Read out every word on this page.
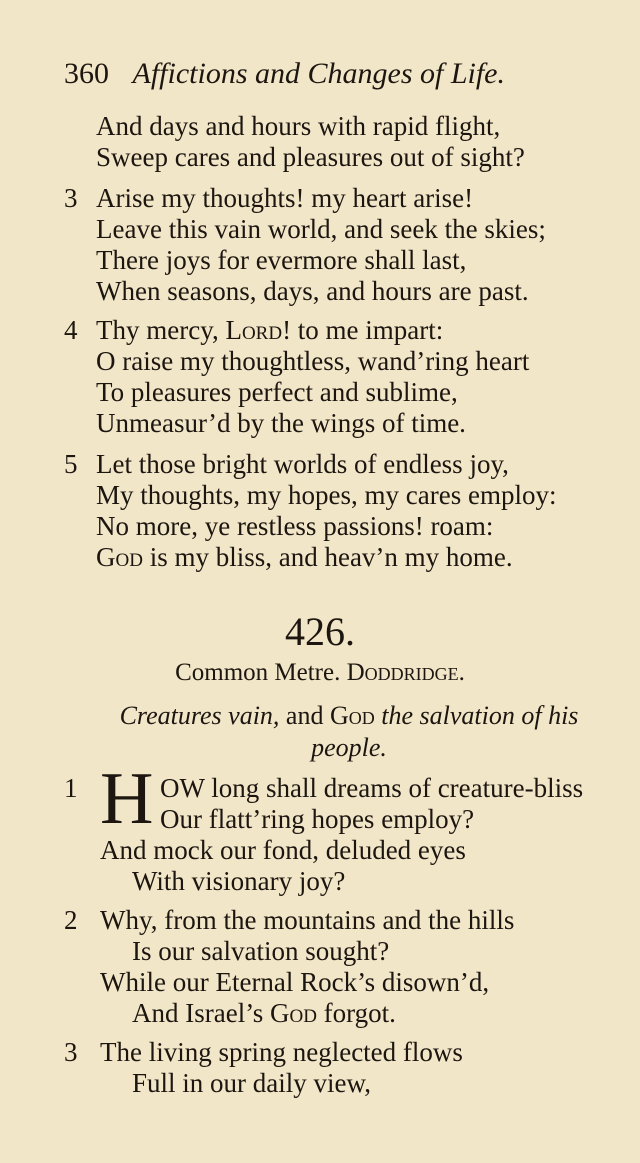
360 Affictions and Changes of Life.
And days and hours with rapid flight,
Sweep cares and pleasures out of sight?
3 Arise my thoughts! my heart arise!
Leave this vain world, and seek the skies;
There joys for evermore shall last,
When seasons, days, and hours are past.
4 Thy mercy, Lord! to me impart:
O raise my thoughtless, wand’ring heart
To pleasures perfect and sublime,
Unmeasur’d by the wings of time.
5 Let those bright worlds of endless joy,
My thoughts, my hopes, my cares employ:
No more, ye restless passions! roam:
God is my bliss, and heav’n my home.
426.
Common Metre. Doddridge.
Creatures vain, and God the salvation of his
people.
1 H OW long shall dreams of creature-bliss
Our flatt’ring hopes employ?
And mock our fond, deluded eyes
With visionary joy?
2 Why, from the mountains and the hills
Is our salvation sought?
While our Eternal Rock’s disown’d,
And Israel’s God forgot.
3 The living spring neglected flows
Full in our daily view,
